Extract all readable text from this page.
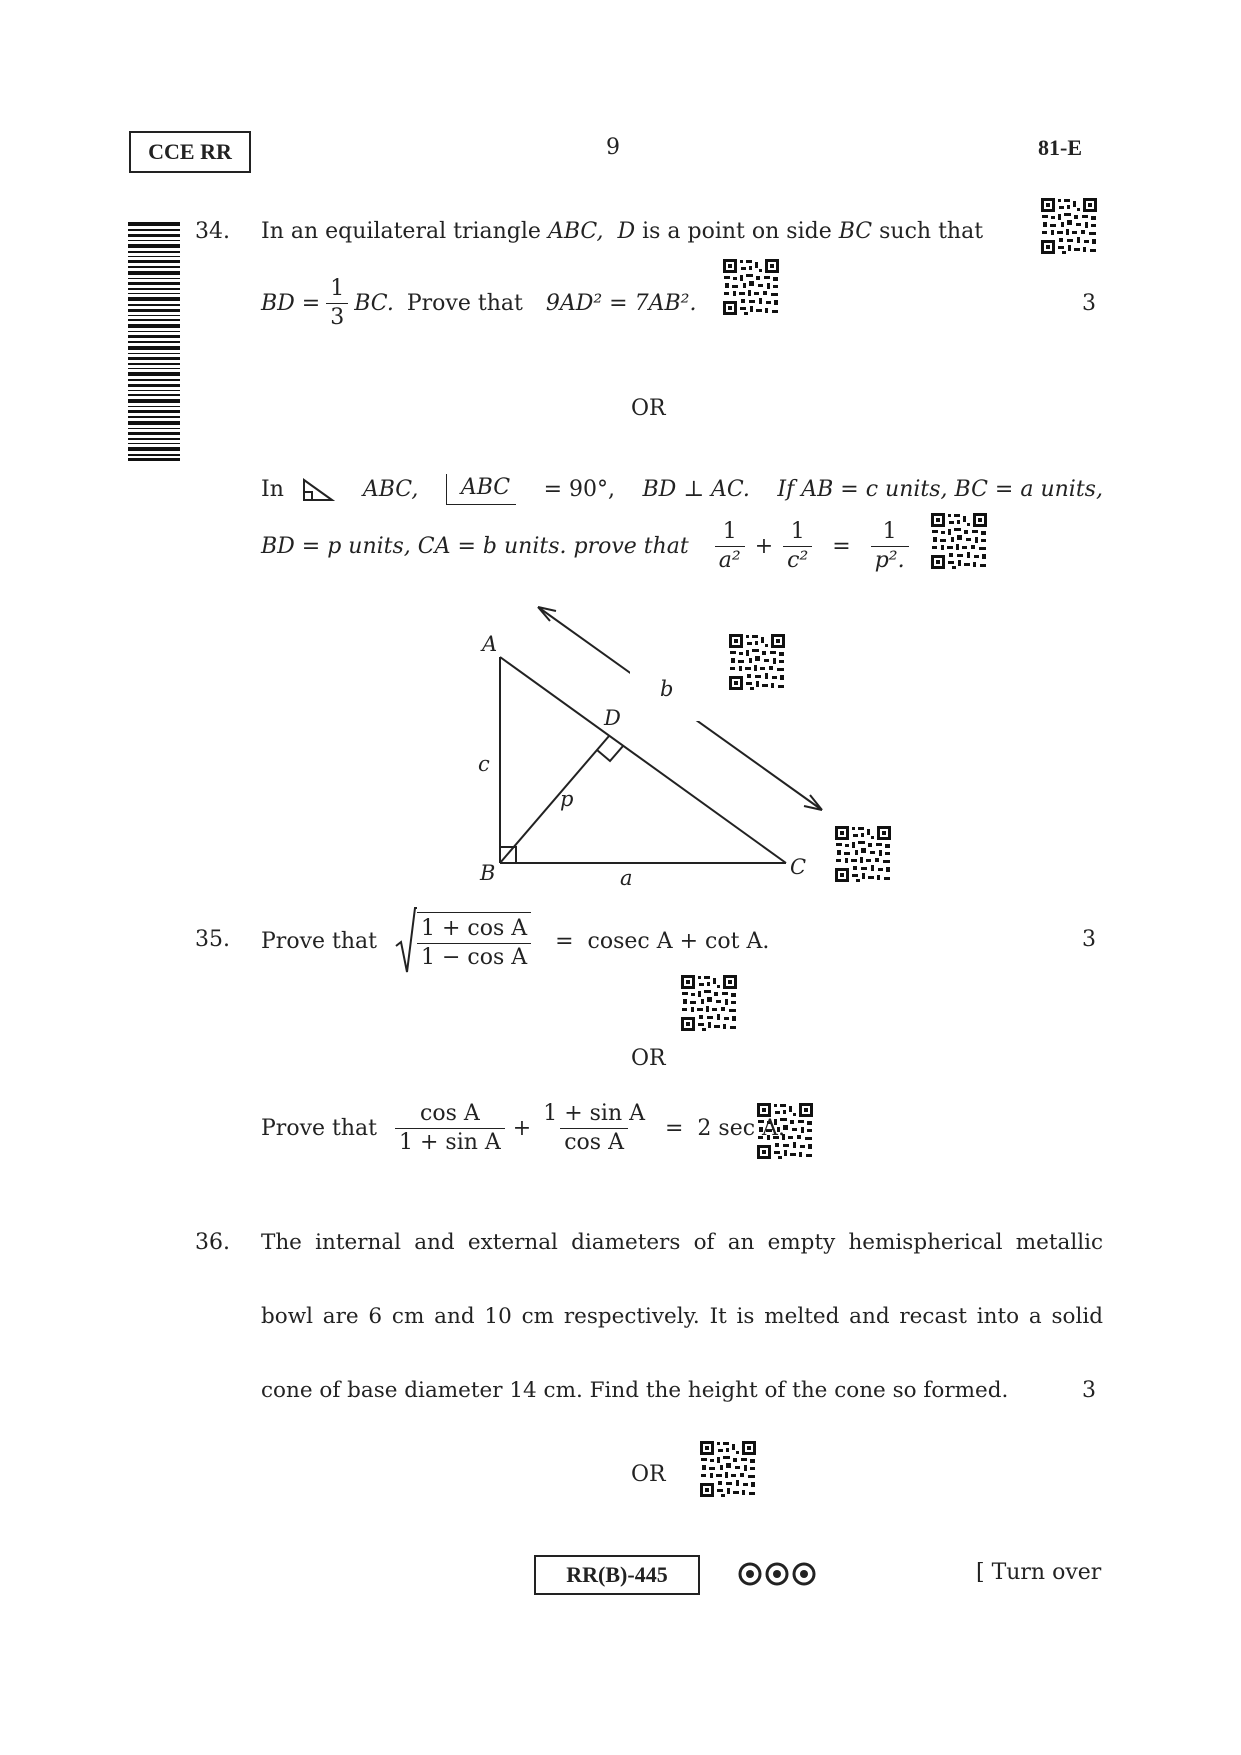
CCE RR	9	81-E
34. In an equilateral triangle ABC, D is a point on side BC such that
BD = $\frac{1}{3}$ BC. Prove that 9AD² = 7AB².	3
OR
In	ABC,	ABC = 90°, BD ⊥ AC. If AB = c units, BC = a units,
BD = p units, CA = b units. prove that $\frac{1}{\text{a²}} + \frac{1}{\text{c²}} = \frac{1}{\text{p².}}$
A
B	C
D
a
b
c
p
35. Prove that $\frac{\text{1 + cos A}}{\text{1 − cos A}} = cosec$ A + cot A.	3
OR
Prove that $\frac{\text{cos A}}{\text{1 + sin A}} + \frac{\text{1 + sin A}}{\text{cos A}} = 2$ sec A.
36. The internal and external diameters of an empty hemispherical metallic
bowl are 6 cm and 10 cm respectively. It is melted and recast into a solid
cone of base diameter 14 cm. Find the height of the cone so formed.	3
OR
RR(B)-445	[ Turn over
